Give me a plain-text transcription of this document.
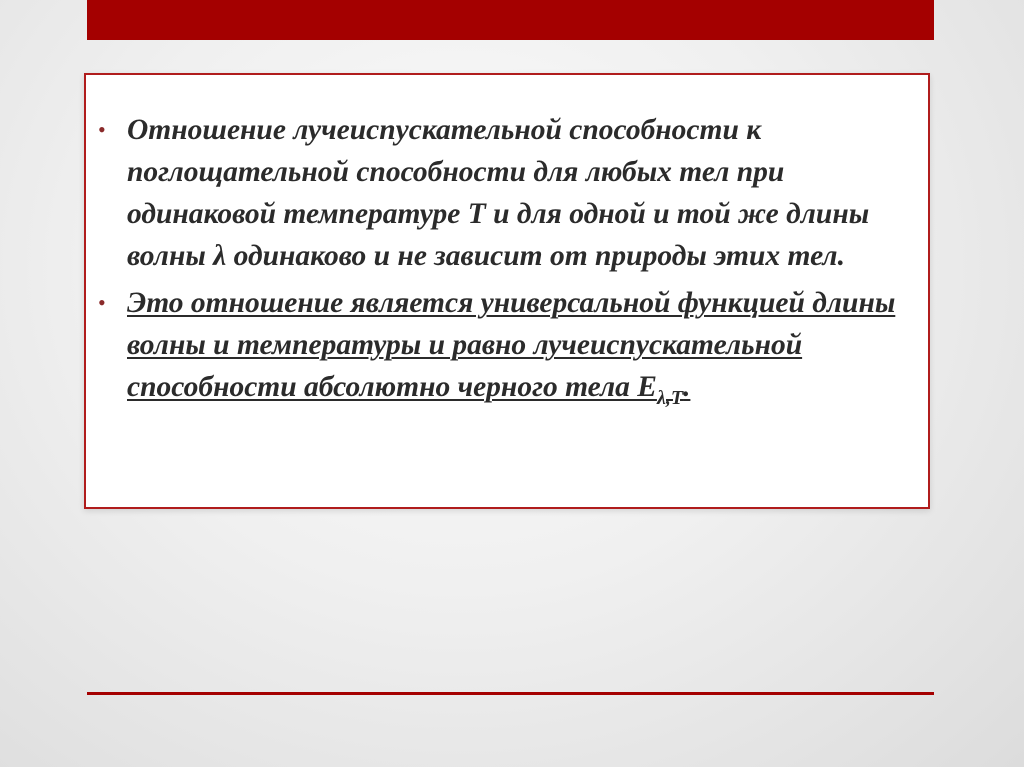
• Отношение лучеиспускательной способности к поглощательной способности для любых тел при одинаковой температуре Т и для одной и той же длины волны λ одинаково и не зависит от природы этих тел.
• Это отношение является универсальной функцией длины волны и температуры и равно лучеиспускательной способности абсолютно черного тела $E_{\lambda,T}$.
